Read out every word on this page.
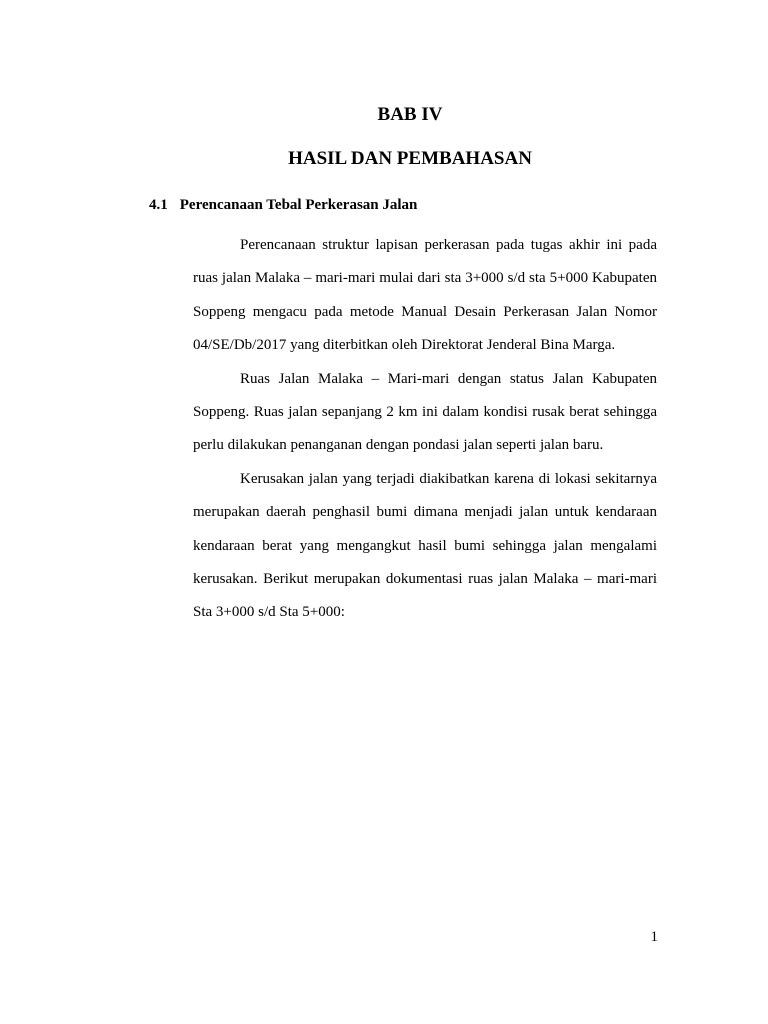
BAB IV
HASIL DAN PEMBAHASAN
4.1 Perencanaan Tebal Perkerasan Jalan

Perencanaan struktur lapisan perkerasan pada tugas akhir ini pada ruas jalan Malaka – mari-mari mulai dari sta 3+000 s/d sta 5+000 Kabupaten Soppeng mengacu pada metode Manual Desain Perkerasan Jalan Nomor 04/SE/Db/2017 yang diterbitkan oleh Direktorat Jenderal Bina Marga.

Ruas Jalan Malaka – Mari-mari dengan status Jalan Kabupaten Soppeng. Ruas jalan sepanjang 2 km ini dalam kondisi rusak berat sehingga perlu dilakukan penanganan dengan pondasi jalan seperti jalan baru.

Kerusakan jalan yang terjadi diakibatkan karena di lokasi sekitarnya merupakan daerah penghasil bumi dimana menjadi jalan untuk kendaraan kendaraan berat yang mengangkut hasil bumi sehingga jalan mengalami kerusakan. Berikut merupakan dokumentasi ruas jalan Malaka – mari-mari Sta 3+000 s/d Sta 5+000:

1
